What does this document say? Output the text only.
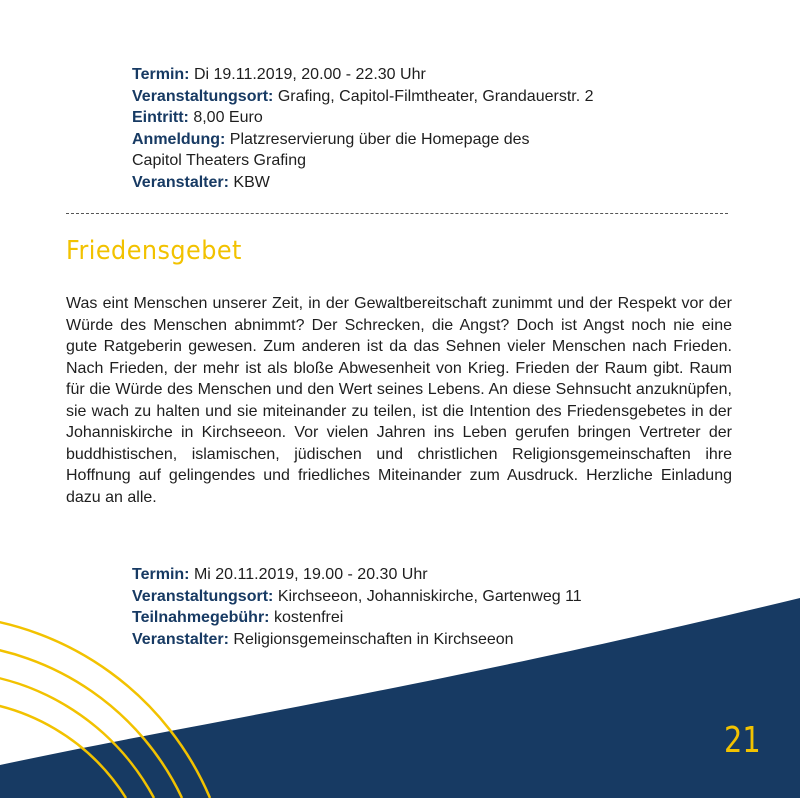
Termin: Di 19.11.2019, 20.00 - 22.30 Uhr
Veranstaltungsort: Grafing, Capitol-Filmtheater, Grandauerstr. 2
Eintritt: 8,00 Euro
Anmeldung: Platzreservierung über die Homepage des
Capitol Theaters Grafing
Veranstalter: KBW
Friedensgebet

Was eint Menschen unserer Zeit, in der Gewaltbereitschaft zunimmt und der Respekt vor der Würde des Menschen abnimmt? Der Schrecken, die Angst? Doch ist Angst noch nie eine gute Ratgeberin gewesen. Zum anderen ist da das Sehnen vieler Menschen nach Frieden. Nach Frieden, der mehr ist als bloße Abwesenheit von Krieg. Frieden der Raum gibt. Raum für die Würde des Menschen und den Wert seines Lebens. An diese Sehnsucht anzuknüpfen, sie wach zu halten und sie miteinander zu teilen, ist die Intention des Friedensgebetes in der Johanniskirche in Kirchseeon. Vor vielen Jahren ins Leben gerufen bringen Vertreter der buddhistischen, islamischen, jüdischen und christlichen Religionsgemeinschaften ihre Hoffnung auf gelingendes und friedliches Miteinander zum Ausdruck. Herzliche Einladung dazu an alle.

Termin: Mi 20.11.2019, 19.00 - 20.30 Uhr
Veranstaltungsort: Kirchseeon, Johanniskirche, Gartenweg 11
Teilnahmegebühr: kostenfrei
Veranstalter: Religionsgemeinschaften in Kirchseeon
21
